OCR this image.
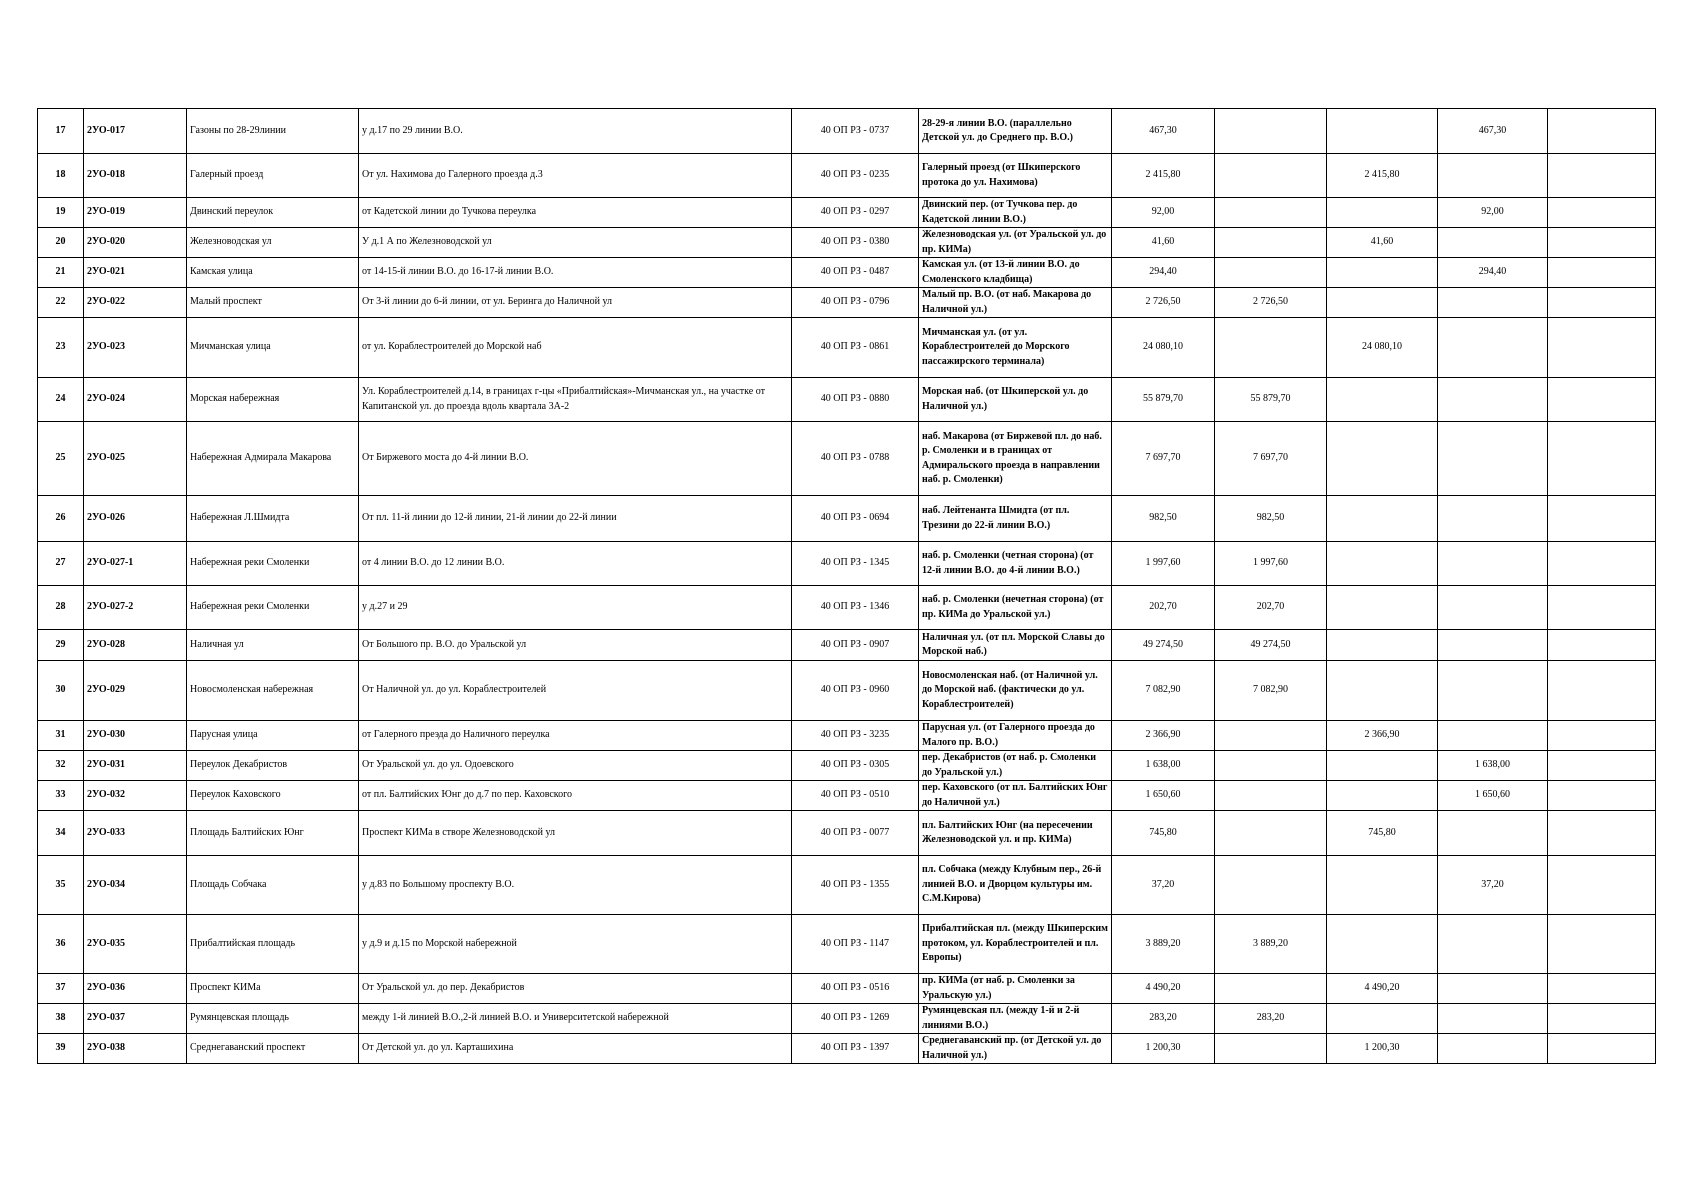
17	2УО-017	Газоны по 28-29линии	у д.17 по 29 линии В.О.	40 ОП РЗ - 0737	28-29-я линии В.О. (параллельно Детской ул. до Среднего пр. В.О.)	467,30			467,30	
18	2УО-018	Галерный проезд	От ул. Нахимова до Галерного проезда д.3	40 ОП РЗ - 0235	Галерный проезд (от Шкиперского протока до ул. Нахимова)	2 415,80		2 415,80		
19	2УО-019	Двинский переулок	от Кадетской линии до Тучкова переулка	40 ОП РЗ - 0297	Двинский пер. (от Тучкова пер. до Кадетской линии В.О.)	92,00			92,00	
20	2УО-020	Железноводская ул	У д.1 А по Железноводской ул	40 ОП РЗ - 0380	Железноводская ул. (от Уральской ул. до пр. КИМа)	41,60		41,60		
21	2УО-021	Камская улица	от 14-15-й линии В.О. до 16-17-й линии В.О.	40 ОП РЗ - 0487	Камская ул. (от 13-й линии В.О. до Смоленского кладбища)	294,40			294,40	
22	2УО-022	Малый проспект	От 3-й линии до 6-й линии, от ул. Беринга до Наличной ул	40 ОП РЗ - 0796	Малый пр. В.О. (от наб. Макарова до Наличной ул.)	2 726,50	2 726,50			
23	2УО-023	Мичманская улица	от ул. Кораблестроителей до Морской наб	40 ОП РЗ - 0861	Мичманская ул. (от ул. Кораблестроителей до Морского пассажирского терминала)	24 080,10		24 080,10		
24	2УО-024	Морская набережная	Ул. Кораблестроителей д.14, в границах г-цы «Прибалтийская»-Мичманская ул., на участке от Капитанской ул. до проезда вдоль квартала 3А-2	40 ОП РЗ - 0880	Морская наб. (от Шкиперской ул. до Наличной ул.)	55 879,70	55 879,70			
25	2УО-025	Набережная Адмирала Макарова	От Биржевого моста до 4-й линии В.О.	40 ОП РЗ - 0788	наб. Макарова (от Биржевой пл. до наб. р. Смоленки и в границах от Адмиральского проезда в направлении наб. р. Смоленки)	7 697,70	7 697,70			
26	2УО-026	Набережная Л.Шмидта	От пл. 11-й линии до 12-й линии, 21-й линии до 22-й линии	40 ОП РЗ - 0694	наб. Лейтенанта Шмидта (от пл. Трезини до 22-й линии В.О.)	982,50	982,50			
27	2УО-027-1	Набережная реки Смоленки	от 4 линии В.О. до 12 линии В.О.	40 ОП РЗ - 1345	наб. р. Смоленки (четная сторона) (от 12-й линии В.О. до 4-й линии В.О.)	1 997,60	1 997,60			
28	2УО-027-2	Набережная реки Смоленки	у д.27 и 29	40 ОП РЗ - 1346	наб. р. Смоленки (нечетная сторона) (от пр. КИМа до Уральской ул.)	202,70	202,70			
29	2УО-028	Наличная ул	От Большого пр. В.О. до Уральской ул	40 ОП РЗ - 0907	Наличная ул. (от пл. Морской Славы до Морской наб.)	49 274,50	49 274,50			
30	2УО-029	Новосмоленская набережная	От Наличной ул. до ул. Кораблестроителей	40 ОП РЗ - 0960	Новосмоленская наб. (от Наличной ул. до Морской наб. (фактически до ул. Кораблестроителей)	7 082,90	7 082,90			
31	2УО-030	Парусная улица	от Галерного преэда до Наличного переулка	40 ОП РЗ - 3235	Парусная ул. (от Галерного проезда до Малого пр. В.О.)	2 366,90		2 366,90		
32	2УО-031	Переулок Декабристов	От Уральской ул. до ул. Одоевского	40 ОП РЗ - 0305	пер. Декабристов (от наб. р. Смоленки до Уральской ул.)	1 638,00			1 638,00	
33	2УО-032	Переулок Каховского	от пл. Балтийских Юнг до д.7 по пер. Каховского	40 ОП РЗ - 0510	пер. Каховского (от пл. Балтийских Юнг до Наличной ул.)	1 650,60			1 650,60	
34	2УО-033	Площадь Балтийских Юнг	Проспект КИМа в створе Железноводской ул	40 ОП РЗ - 0077	пл. Балтийских Юнг (на пересечении Железноводской ул. и пр. КИМа)	745,80		745,80		
35	2УО-034	Площадь Собчака	у д.83 по Большому проспекту В.О.	40 ОП РЗ - 1355	пл. Собчака (между Клубным пер., 26-й линией В.О. и Дворцом культуры им. С.М.Кирова)	37,20			37,20	
36	2УО-035	Прибалтийская площадь	у д.9 и д.15 по Морской набережной	40 ОП РЗ - 1147	Прибалтийская пл. (между Шкиперским протоком, ул. Кораблестроителей и пл. Европы)	3 889,20	3 889,20			
37	2УО-036	Проспект КИМа	От Уральской ул. до пер. Декабристов	40 ОП РЗ - 0516	пр. КИМа (от наб. р. Смоленки за Уральскую ул.)	4 490,20		4 490,20		
38	2УО-037	Румянцевская площадь	между 1-й линией В.О.,2-й линией В.О. и Университетской набережной	40 ОП РЗ - 1269	Румянцевская пл. (между 1-й и 2-й линиями В.О.)	283,20	283,20			
39	2УО-038	Среднегаванский проспект	От Детской ул. до ул. Карташихина	40 ОП РЗ - 1397	Среднегаванский пр. (от Детской ул. до Наличной ул.)	1 200,30		1 200,30		
